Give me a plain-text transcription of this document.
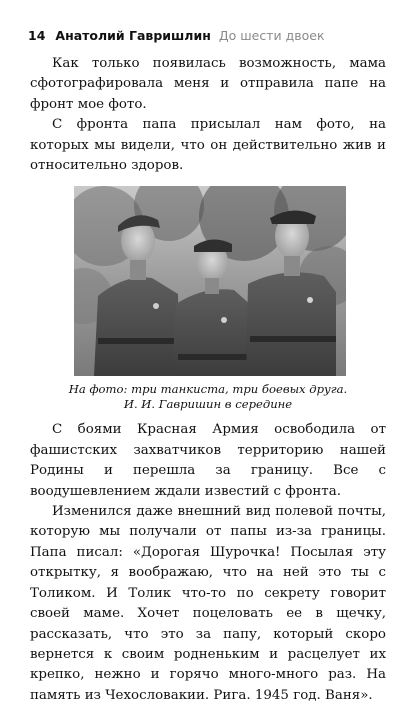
14 Анатолий Гавришлин До шести двоек

Как только появилась возможность, мама сфотографировала меня и отправила папе на фронт мое фото.

С фронта папа присылал нам фото, на которых мы видели, что он действительно жив и относительно здоров.

На фото: три танкиста, три боевых друга.
И. И. Гавришин в середине

С боями Красная Армия освободила от фашистских захватчиков территорию нашей Родины и перешла за границу. Все с воодушевлением ждали известий с фронта.

Изменился даже внешний вид полевой почты, которую мы получали от папы из-за границы. Папа писал: «Дорогая Шурочка! Посылая эту открытку, я воображаю, что на ней это ты с Толиком. И Толик что-то по секрету говорит своей маме. Хочет поцеловать ее в щечку, рассказать, что это за папу, который скоро вернется к своим родненьким и расцелует их крепко, нежно и горячо много-много раз. На память из Чехословакии. Рига. 1945 год. Ваня».
